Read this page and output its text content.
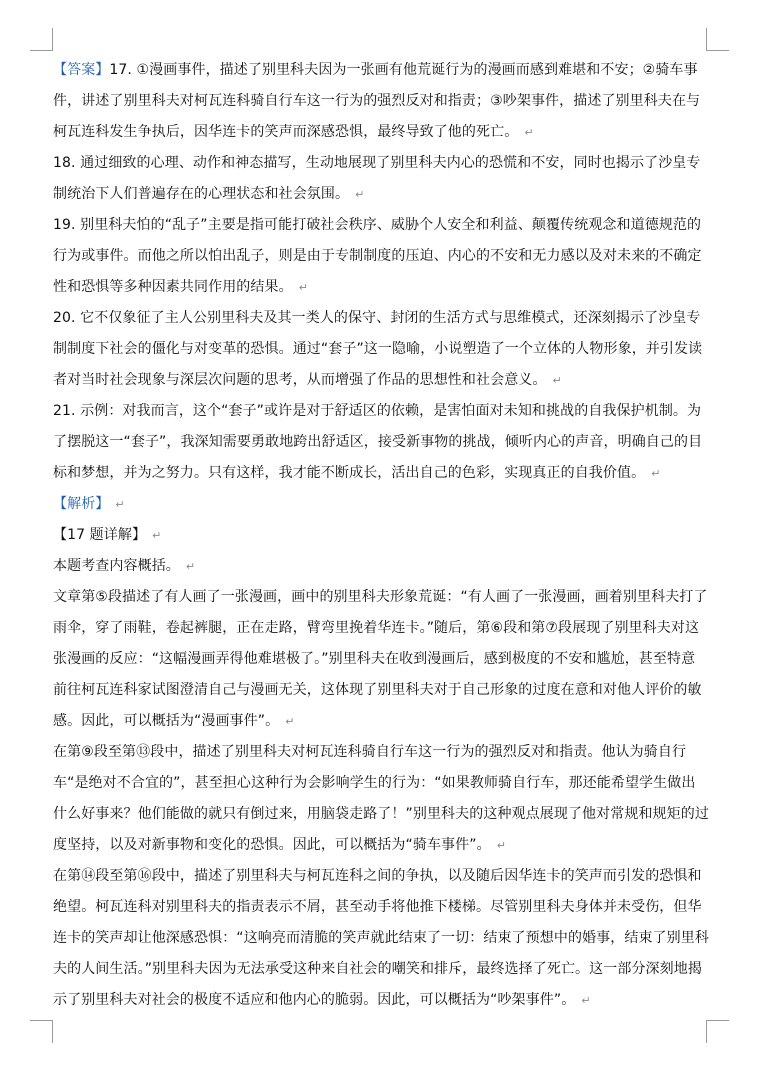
【答案】17. ①漫画事件，描述了别里科夫因为一张画有他荒诞行为的漫画而感到难堪和不安；②骑车事件，讲述了别里科夫对柯瓦连科骑自行车这一行为的强烈反对和指责；③吵架事件，描述了别里科夫在与柯瓦连科发生争执后，因华连卡的笑声而深感恐惧，最终导致了他的死亡。 ↵

18. 通过细致的心理、动作和神态描写，生动地展现了别里科夫内心的恐慌和不安，同时也揭示了沙皇专制统治下人们普遍存在的心理状态和社会氛围。 ↵

19. 别里科夫怕的“乱子”主要是指可能打破社会秩序、威胁个人安全和利益、颠覆传统观念和道德规范的行为或事件。而他之所以怕出乱子，则是由于专制制度的压迫、内心的不安和无力感以及对未来的不确定性和恐惧等多种因素共同作用的结果。 ↵

20. 它不仅象征了主人公别里科夫及其一类人的保守、封闭的生活方式与思维模式，还深刻揭示了沙皇专制制度下社会的僵化与对变革的恐惧。通过“套子”这一隐喻，小说塑造了一个立体的人物形象，并引发读者对当时社会现象与深层次问题的思考，从而增强了作品的思想性和社会意义。 ↵

21. 示例：对我而言，这个“套子”或许是对于舒适区的依赖，是害怕面对未知和挑战的自我保护机制。为了摆脱这一“套子”，我深知需要勇敢地跨出舒适区，接受新事物的挑战，倾听内心的声音，明确自己的目标和梦想，并为之努力。只有这样，我才能不断成长，活出自己的色彩，实现真正的自我价值。 ↵

【解析】 ↵

【17 题详解】 ↵

本题考查内容概括。 ↵

文章第⑤段描述了有人画了一张漫画，画中的别里科夫形象荒诞：“有人画了一张漫画，画着别里科夫打了雨伞，穿了雨鞋，卷起裤腿，正在走路，臂弯里挽着华连卡。”随后，第⑥段和第⑦段展现了别里科夫对这张漫画的反应：“这幅漫画弄得他难堪极了。”别里科夫在收到漫画后，感到极度的不安和尴尬，甚至特意前往柯瓦连科家试图澄清自己与漫画无关，这体现了别里科夫对于自己形象的过度在意和对他人评价的敏感。因此，可以概括为“漫画事件”。 ↵

在第⑨段至第⑬段中，描述了别里科夫对柯瓦连科骑自行车这一行为的强烈反对和指责。他认为骑自行车“是绝对不合宜的”，甚至担心这种行为会影响学生的行为：“如果教师骑自行车，那还能希望学生做出什么好事来？他们能做的就只有倒过来，用脑袋走路了！”别里科夫的这种观点展现了他对常规和规矩的过度坚持，以及对新事物和变化的恐惧。因此，可以概括为“骑车事件”。 ↵

在第⑭段至第⑯段中，描述了别里科夫与柯瓦连科之间的争执，以及随后因华连卡的笑声而引发的恐惧和绝望。柯瓦连科对别里科夫的指责表示不屑，甚至动手将他推下楼梯。尽管别里科夫身体并未受伤，但华连卡的笑声却让他深感恐惧：“这响亮而清脆的笑声就此结束了一切：结束了预想中的婚事，结束了别里科夫的人间生活。”别里科夫因为无法承受这种来自社会的嘲笑和排斥，最终选择了死亡。这一部分深刻地揭示了别里科夫对社会的极度不适应和他内心的脆弱。因此，可以概括为“吵架事件”。 ↵
